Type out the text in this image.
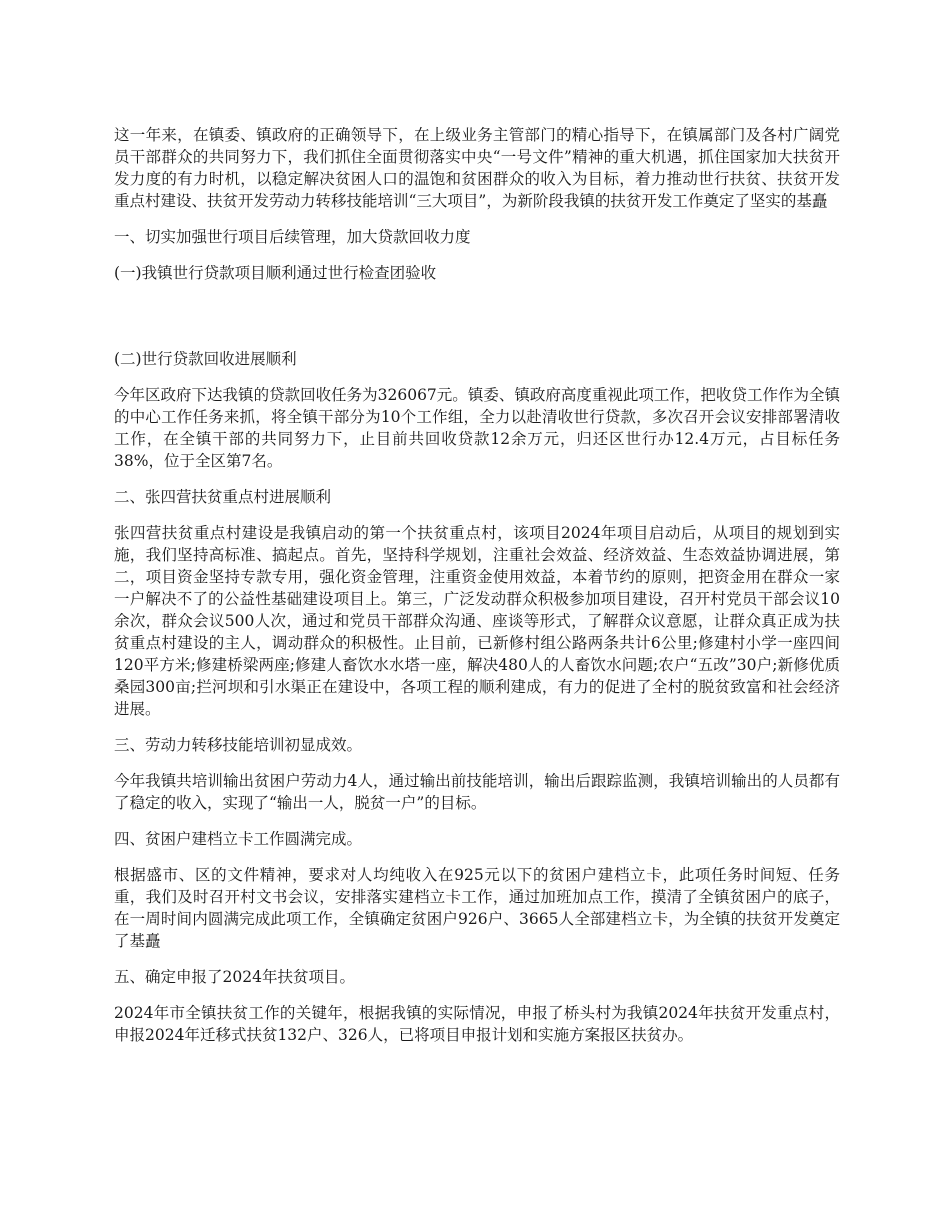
这一年来，在镇委、镇政府的正确领导下，在上级业务主管部门的精心指导下，在镇属部门及各村广阔党员干部群众的共同努力下，我们抓住全面贯彻落实中央“一号文件”精神的重大机遇，抓住国家加大扶贫开发力度的有力时机，以稳定解决贫困人口的温饱和贫困群众的收入为目标，着力推动世行扶贫、扶贫开发重点村建设、扶贫开发劳动力转移技能培训“三大项目”，为新阶段我镇的扶贫开发工作奠定了坚实的基矗

一、切实加强世行项目后续管理，加大贷款回收力度

(一)我镇世行贷款项目顺利通过世行检查团验收

(二)世行贷款回收进展顺利

今年区政府下达我镇的贷款回收任务为326067元。镇委、镇政府高度重视此项工作，把收贷工作作为全镇的中心工作任务来抓，将全镇干部分为10个工作组，全力以赴清收世行贷款，多次召开会议安排部署清收工作，在全镇干部的共同努力下，止目前共回收贷款12余万元，归还区世行办12.4万元，占目标任务38%，位于全区第7名。

二、张四营扶贫重点村进展顺利

张四营扶贫重点村建设是我镇启动的第一个扶贫重点村，该项目2024年项目启动后，从项目的规划到实施，我们坚持高标准、搞起点。首先，坚持科学规划，注重社会效益、经济效益、生态效益协调进展，第二，项目资金坚持专款专用，强化资金管理，注重资金使用效益，本着节约的原则，把资金用在群众一家一户解决不了的公益性基础建设项目上。第三，广泛发动群众积极参加项目建设，召开村党员干部会议10余次，群众会议500人次，通过和党员干部群众沟通、座谈等形式，了解群众议意愿，让群众真正成为扶贫重点村建设的主人，调动群众的积极性。止目前，已新修村组公路两条共计6公里;修建村小学一座四间120平方米;修建桥梁两座;修建人畜饮水水塔一座，解决480人的人畜饮水问题;农户“五改”30户;新修优质桑园300亩;拦河坝和引水渠正在建设中，各项工程的顺利建成，有力的促进了全村的脱贫致富和社会经济进展。

三、劳动力转移技能培训初显成效。

今年我镇共培训输出贫困户劳动力4人，通过输出前技能培训，输出后跟踪监测，我镇培训输出的人员都有了稳定的收入，实现了“输出一人，脱贫一户”的目标。

四、贫困户建档立卡工作圆满完成。

根据盛市、区的文件精神，要求对人均纯收入在925元以下的贫困户建档立卡，此项任务时间短、任务重，我们及时召开村文书会议，安排落实建档立卡工作，通过加班加点工作，摸清了全镇贫困户的底子，在一周时间内圆满完成此项工作，全镇确定贫困户926户、3665人全部建档立卡，为全镇的扶贫开发奠定了基矗

五、确定申报了2024年扶贫项目。

2024年市全镇扶贫工作的关键年，根据我镇的实际情况，申报了桥头村为我镇2024年扶贫开发重点村，申报2024年迁移式扶贫132户、326人，已将项目申报计划和实施方案报区扶贫办。
